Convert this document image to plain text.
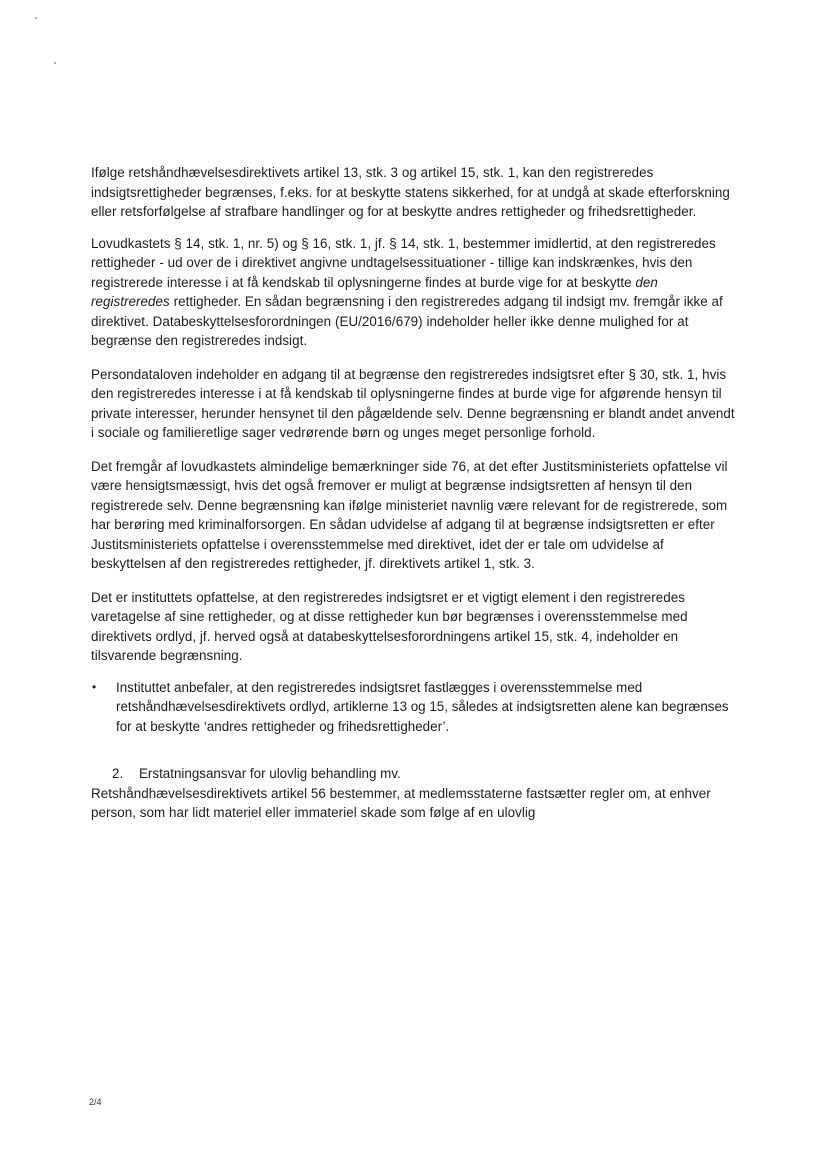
Ifølge retshåndhævelsesdirektivets artikel 13, stk. 3 og artikel 15, stk. 1, kan den registreredes indsigtsrettigheder begrænses, f.eks. for at beskytte statens sikkerhed, for at undgå at skade efterforskning eller retsforfølgelse af strafbare handlinger og for at beskytte andres rettigheder og frihedsrettigheder.

Lovudkastets § 14, stk. 1, nr. 5) og § 16, stk. 1, jf. § 14, stk. 1, bestemmer imidlertid, at den registreredes rettigheder - ud over de i direktivet angivne undtagelsessituationer - tillige kan indskrænkes, hvis den registrerede interesse i at få kendskab til oplysningerne findes at burde vige for at beskytte den registreredes rettigheder. En sådan begrænsning i den registreredes adgang til indsigt mv. fremgår ikke af direktivet. Databeskyttelsesforordningen (EU/2016/679) indeholder heller ikke denne mulighed for at begrænse den registreredes indsigt.

Persondataloven indeholder en adgang til at begrænse den registreredes indsigtsret efter § 30, stk. 1, hvis den registreredes interesse i at få kendskab til oplysningerne findes at burde vige for afgørende hensyn til private interesser, herunder hensynet til den pågældende selv. Denne begrænsning er blandt andet anvendt i sociale og familieretlige sager vedrørende børn og unges meget personlige forhold.

Det fremgår af lovudkastets almindelige bemærkninger side 76, at det efter Justitsministeriets opfattelse vil være hensigtsmæssigt, hvis det også fremover er muligt at begrænse indsigtsretten af hensyn til den registrerede selv. Denne begrænsning kan ifølge ministeriet navnlig være relevant for de registrerede, som har berøring med kriminalforsorgen. En sådan udvidelse af adgang til at begrænse indsigtsretten er efter Justitsministeriets opfattelse i overensstemmelse med direktivet, idet der er tale om udvidelse af beskyttelsen af den registreredes rettigheder, jf. direktivets artikel 1, stk. 3.

Det er instituttets opfattelse, at den registreredes indsigtsret er et vigtigt element i den registreredes varetagelse af sine rettigheder, og at disse rettigheder kun bør begrænses i overensstemmelse med direktivets ordlyd, jf. herved også at databeskyttelsesforordningens artikel 15, stk. 4, indeholder en tilsvarende begrænsning.

•	Instituttet anbefaler, at den registreredes indsigtsret fastlægges i overensstemmelse med retshåndhævelsesdirektivets ordlyd, artiklerne 13 og 15, således at indsigtsretten alene kan begrænses for at beskytte ‘andres rettigheder og frihedsrettigheder’.

2. Erstatningsansvar for ulovlig behandling mv.

Retshåndhævelsesdirektivets artikel 56 bestemmer, at medlemsstaterne fastsætter regler om, at enhver person, som har lidt materiel eller immateriel skade som følge af en ulovlig

2/4
